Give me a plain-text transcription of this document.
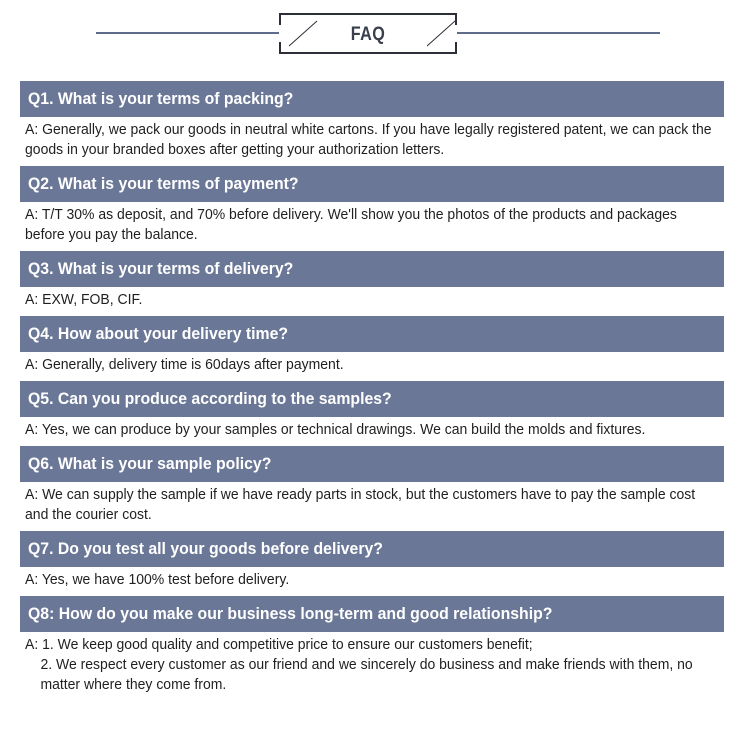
FAQ
Q1. What is your terms of packing?
A: Generally, we pack our goods in neutral white cartons. If you have legally registered patent, we can pack the goods in your branded boxes after getting your authorization letters.
Q2. What is your terms of payment?
A: T/T 30% as deposit, and 70% before delivery. We'll show you the photos of the products and packages before you pay the balance.
Q3. What is your terms of delivery?
A: EXW, FOB, CIF.
Q4. How about your delivery time?
A: Generally, delivery time is 60days after payment.
Q5. Can you produce according to the samples?
A: Yes, we can produce by your samples or technical drawings. We can build the molds and fixtures.
Q6. What is your sample policy?
A: We can supply the sample if we have ready parts in stock, but the customers have to pay the sample cost and the courier cost.
Q7. Do you test all your goods before delivery?
A: Yes, we have 100% test before delivery.
Q8: How do you make our business long-term and good relationship?
A: 1. We keep good quality and competitive price to ensure our customers benefit;
2. We respect every customer as our friend and we sincerely do business and make friends with them, no matter where they come from.
